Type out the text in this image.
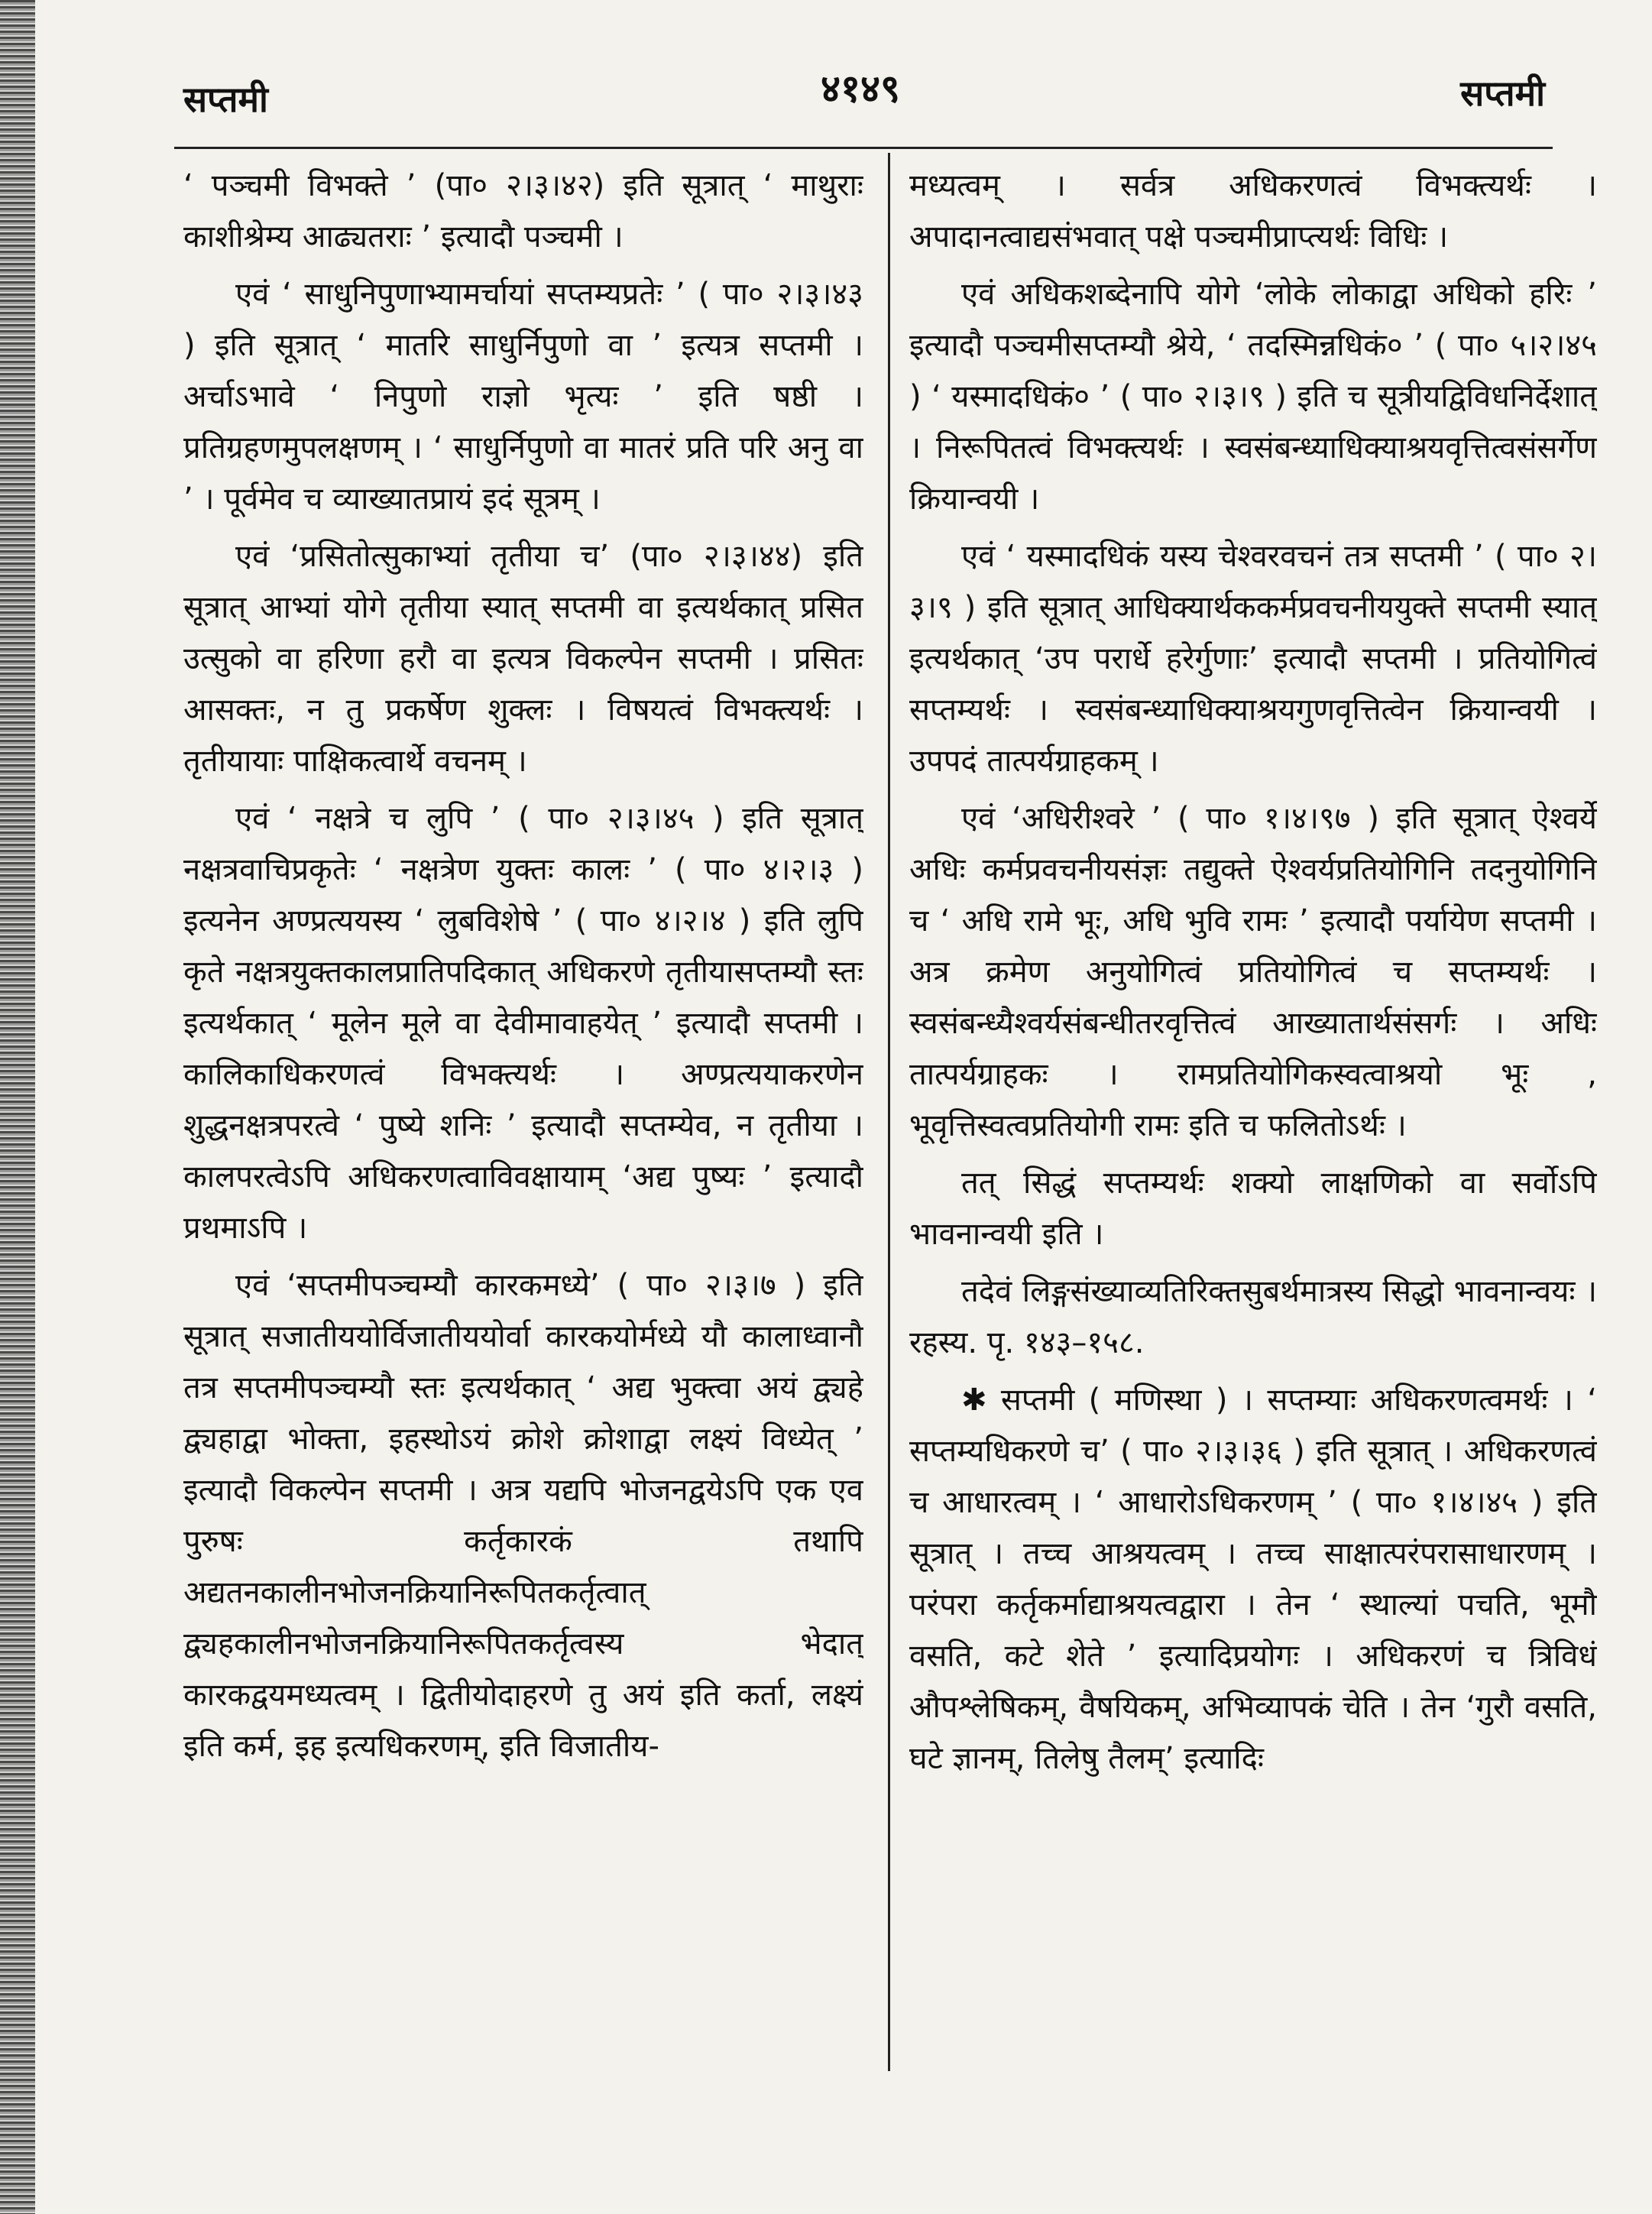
सप्तमी	४१४९	सप्तमी

‘ पञ्चमी विभक्ते ’ (पा० २।३।४२) इति सूत्रात् ‘ माथुराः काशीश्रेम्य आढ्यतराः ’ इत्यादौ पञ्चमी ।

एवं ‘ साधुनिपुणाभ्यामर्चायां सप्तम्यप्रतेः ’ ( पा० २।३।४३ ) इति सूत्रात् ‘ मातरि साधुर्निपुणो वा ’ इत्यत्र सप्तमी । अर्चाऽभावे ‘ निपुणो राज्ञो भृत्यः ’ इति षष्ठी । प्रतिग्रहणमुपलक्षणम् । ‘ साधुर्निपुणो वा मातरं प्रति परि अनु वा ’ । पूर्वमेव च व्याख्यातप्रायं इदं सूत्रम् ।

एवं ‘प्रसितोत्सुकाभ्यां तृतीया च’ (पा० २।३।४४) इति सूत्रात् आभ्यां योगे तृतीया स्यात् सप्तमी वा इत्यर्थकात् प्रसित उत्सुको वा हरिणा हरौ वा इत्यत्र विकल्पेन सप्तमी । प्रसितः आसक्तः, न तु प्रकर्षेण शुक्लः । विषयत्वं विभक्त्यर्थः । तृतीयायाः पाक्षिकत्वार्थे वचनम् ।

एवं ‘ नक्षत्रे च लुपि ’ ( पा० २।३।४५ ) इति सूत्रात् नक्षत्रवाचिप्रकृतेः ‘ नक्षत्रेण युक्तः कालः ’ ( पा० ४।२।३ ) इत्यनेन अण्प्रत्ययस्य ‘ लुबविशेषे ’ ( पा० ४।२।४ ) इति लुपि कृते नक्षत्रयुक्तकालप्रातिपदिकात् अधिकरणे तृतीयासप्तम्यौ स्तः इत्यर्थकात् ‘ मूलेन मूले वा देवीमावाहयेत् ’ इत्यादौ सप्तमी । कालिकाधिकरणत्वं विभक्त्यर्थः । अण्प्रत्ययाकरणेन शुद्धनक्षत्रपरत्वे ‘ पुष्ये शनिः ’ इत्यादौ सप्तम्येव, न तृतीया । कालपरत्वेऽपि अधिकरणत्वाविवक्षायाम् ‘अद्य पुष्यः ’ इत्यादौ प्रथमाऽपि ।

एवं ‘सप्तमीपञ्चम्यौ कारकमध्ये’ ( पा० २।३।७ ) इति सूत्रात् सजातीययोर्विजातीययोर्वा कारकयोर्मध्ये यौ कालाध्वानौ तत्र सप्तमीपञ्चम्यौ स्तः इत्यर्थकात् ‘ अद्य भुक्त्वा अयं द्व्यहे द्व्यहाद्वा भोक्ता, इहस्थोऽयं क्रोशे क्रोशाद्वा लक्ष्यं विध्येत् ’ इत्यादौ विकल्पेन सप्तमी । अत्र यद्यपि भोजनद्वयेऽपि एक एव पुरुषः कर्तृकारकं तथापि अद्यतनकालीनभोजनक्रियानिरूपितकर्तृत्वात् द्व्यहकालीनभोजनक्रियानिरूपितकर्तृत्वस्य भेदात् कारकद्वयमध्यत्वम् । द्वितीयोदाहरणे तु अयं इति कर्ता, लक्ष्यं इति कर्म, इह इत्यधिकरणम्, इति विजातीय-

मध्यत्वम् । सर्वत्र अधिकरणत्वं विभक्त्यर्थः । अपादानत्वाद्यसंभवात् पक्षे पञ्चमीप्राप्त्यर्थः विधिः ।

एवं अधिकशब्देनापि योगे ‘लोके लोकाद्वा अधिको हरिः ’ इत्यादौ पञ्चमीसप्तम्यौ श्रेये, ‘ तदस्मिन्नधिकं० ’ ( पा० ५।२।४५ ) ‘ यस्मादधिकं० ’ ( पा० २।३।९ ) इति च सूत्रीयद्विविधनिर्देशात् । निरूपितत्वं विभक्त्यर्थः । स्वसंबन्ध्याधिक्याश्रयवृत्तित्वसंसर्गेण क्रियान्वयी ।

एवं ‘ यस्मादधिकं यस्य चेश्वरवचनं तत्र सप्तमी ’ ( पा० २।३।९ ) इति सूत्रात् आधिक्यार्थककर्मप्रवचनीययुक्ते सप्तमी स्यात् इत्यर्थकात् ‘उप परार्धे हरेर्गुणाः’ इत्यादौ सप्तमी । प्रतियोगित्वं सप्तम्यर्थः । स्वसंबन्ध्याधिक्याश्रयगुणवृत्तित्वेन क्रियान्वयी । उपपदं तात्पर्यग्राहकम् ।

एवं ‘अधिरीश्वरे ’ ( पा० १।४।९७ ) इति सूत्रात् ऐश्वर्ये अधिः कर्मप्रवचनीयसंज्ञः तद्युक्ते ऐश्वर्यप्रतियोगिनि तदनुयोगिनि च ‘ अधि रामे भूः, अधि भुवि रामः ’ इत्यादौ पर्यायेण सप्तमी । अत्र क्रमेण अनुयोगित्वं प्रतियोगित्वं च सप्तम्यर्थः । स्वसंबन्ध्यैश्वर्यसंबन्धीतरवृत्तित्वं आख्यातार्थसंसर्गः । अधिः तात्पर्यग्राहकः । रामप्रतियोगिकस्वत्वाश्रयो भूः , भूवृत्तिस्वत्वप्रतियोगी रामः इति च फलितोऽर्थः ।

तत् सिद्धं सप्तम्यर्थः शक्यो लाक्षणिको वा सर्वोऽपि भावनान्वयी इति ।

तदेवं लिङ्गसंख्याव्यतिरिक्तसुबर्थमात्रस्य सिद्धो भावनान्वयः । रहस्य. पृ. १४३–१५८.

✱ सप्तमी ( मणिस्था ) । सप्तम्याः अधिकरणत्वमर्थः । ‘ सप्तम्यधिकरणे च’ ( पा० २।३।३६ ) इति सूत्रात् । अधिकरणत्वं च आधारत्वम् । ‘ आधारोऽधिकरणम् ’ ( पा० १।४।४५ ) इति सूत्रात् । तच्च आश्रयत्वम् । तच्च साक्षात्परंपरासाधारणम् । परंपरा कर्तृकर्माद्याश्रयत्वद्वारा । तेन ‘ स्थाल्यां पचति, भूमौ वसति, कटे शेते ’ इत्यादिप्रयोगः । अधिकरणं च त्रिविधं औपश्लेषिकम्, वैषयिकम्, अभिव्यापकं चेति । तेन ‘गुरौ वसति, घटे ज्ञानम्, तिलेषु तैलम्’ इत्यादिः
